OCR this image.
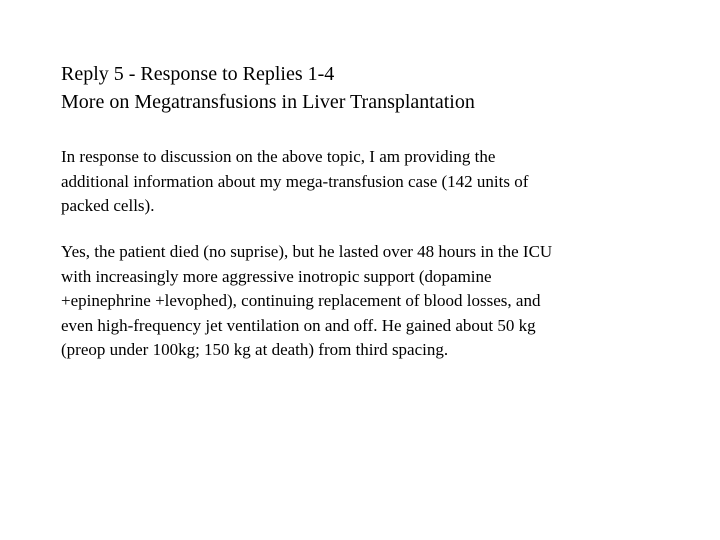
Reply 5 - Response to Replies 1-4
More on Megatransfusions in Liver Transplantation

In response to discussion on the above topic, I am providing the
additional information about my mega-transfusion case (142 units of
packed cells).

Yes, the patient died (no suprise), but he lasted over 48 hours in the ICU
with increasingly more aggressive inotropic support (dopamine
+epinephrine +levophed), continuing replacement of blood losses, and
even high-frequency jet ventilation on and off. He gained about 50 kg
(preop under 100kg; 150 kg at death) from third spacing.
